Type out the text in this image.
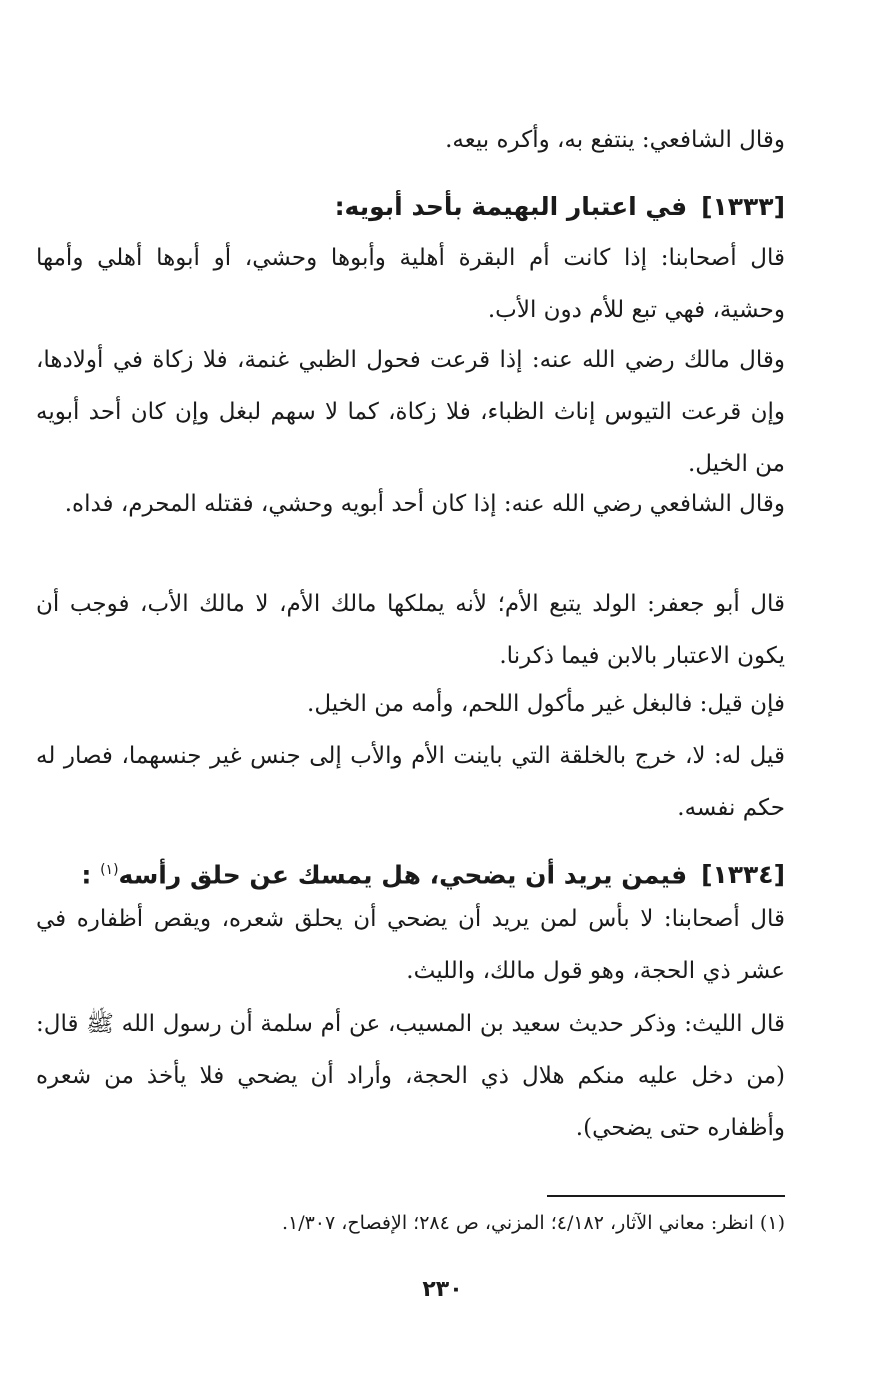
وقال الشافعي: ينتفع به، وأكره بيعه.
[١٣٣٣]في اعتبار البهيمة بأحد أبويه:
قال أصحابنا: إذا كانت أم البقرة أهلية وأبوها وحشي، أو أبوها أهلي وأمها وحشية، فهي تبع للأم دون الأب.
وقال مالك رضي الله عنه: إذا قرعت فحول الظبي غنمة، فلا زكاة في أولادها، وإن قرعت التيوس إناث الظباء، فلا زكاة، كما لا سهم لبغل وإن كان أحد أبويه من الخيل.
وقال الشافعي رضي الله عنه: إذا كان أحد أبويه وحشي، فقتله المحرم، فداه.
قال أبو جعفر: الولد يتبع الأم؛ لأنه يملكها مالك الأم، لا مالك الأب، فوجب أن يكون الاعتبار بالابن فيما ذكرنا.
فإن قيل: فالبغل غير مأكول اللحم، وأمه من الخيل.
قيل له: لا، خرج بالخلقة التي باينت الأم والأب إلى جنس غير جنسهما، فصار له حكم نفسه.
[١٣٣٤]فيمن يريد أن يضحي، هل يمسك عن حلق رأسه$^{(١)}$ :
قال أصحابنا: لا بأس لمن يريد أن يضحي أن يحلق شعره، ويقص أظفاره في عشر ذي الحجة، وهو قول مالك، والليث.
قال الليث: وذكر حديث سعيد بن المسيب، عن أم سلمة أن رسول الله ﷺ قال: (من دخل عليه منكم هلال ذي الحجة، وأراد أن يضحي فلا يأخذ من شعره وأظفاره حتى يضحي).
(١) انظر: معاني الآثار، ٤/١٨٢؛ المزني، ص ٢٨٤؛ الإفصاح، ١/٣٠٧.
٢٣٠
